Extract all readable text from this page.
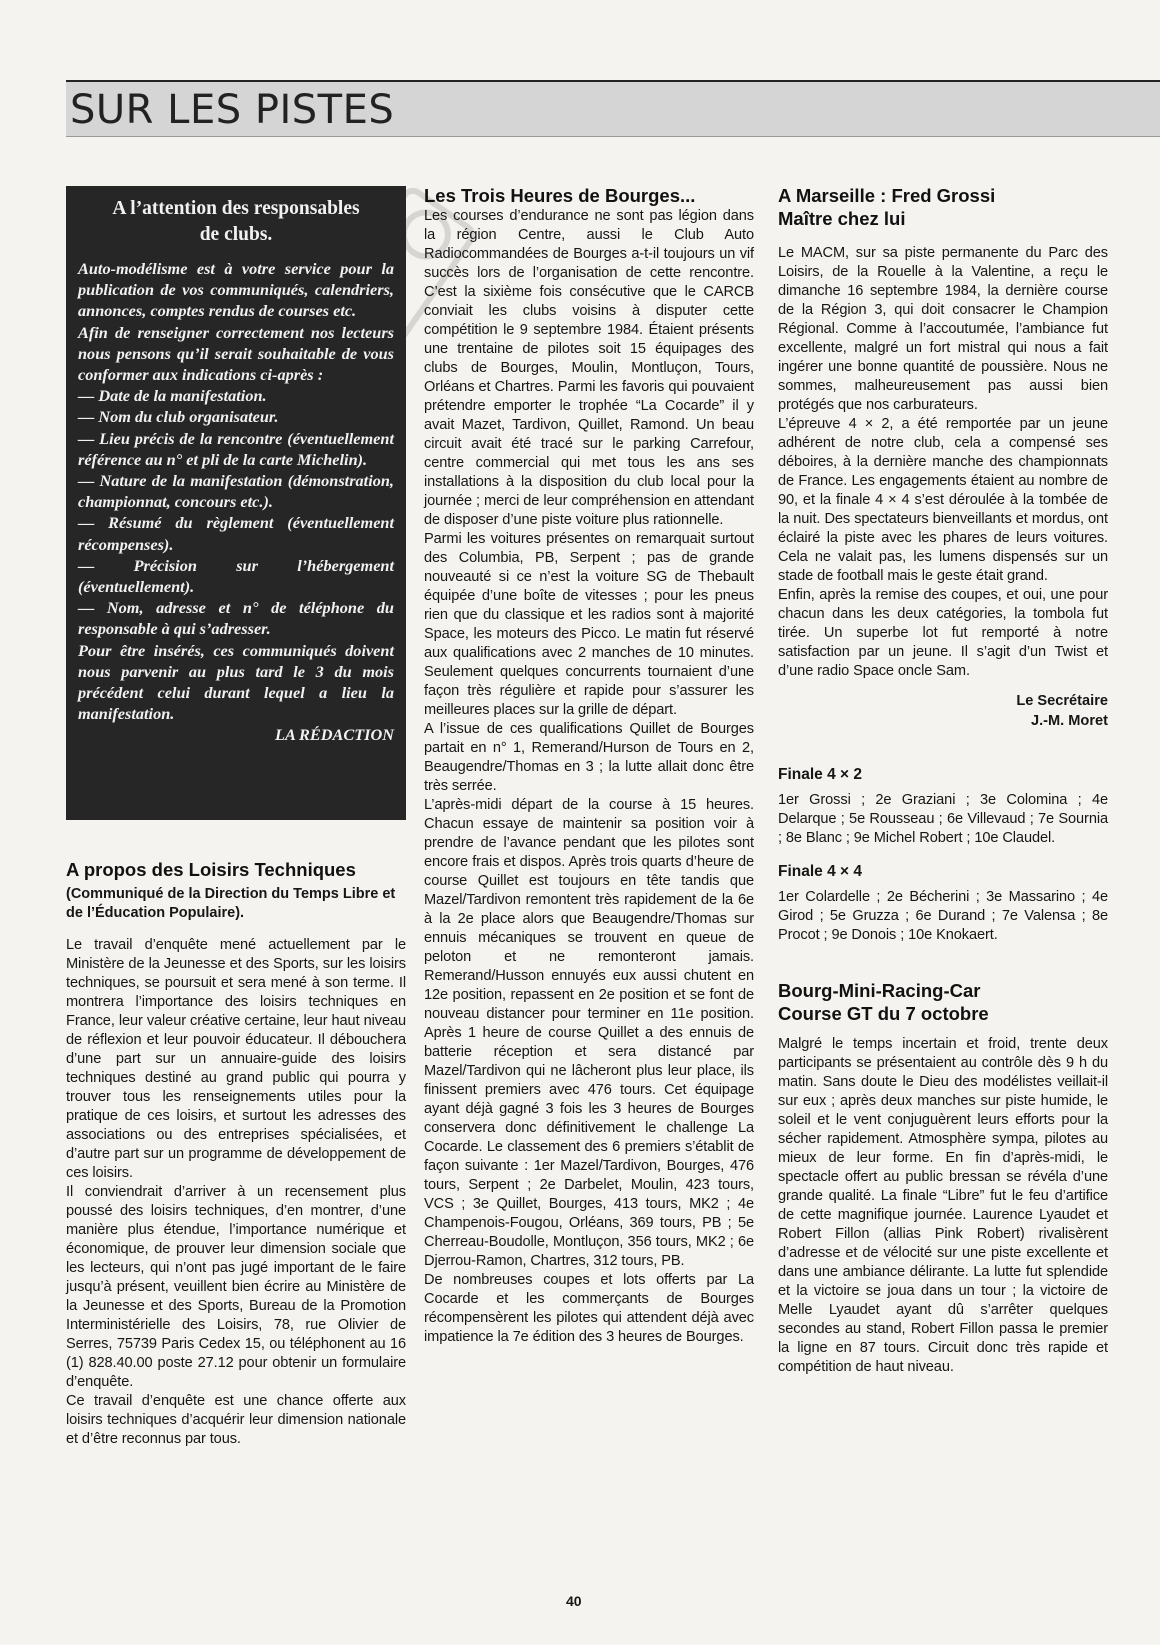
SUR LES PISTES
A l’attention des responsables
de clubs.

Auto-modélisme est à votre service pour la publication de vos communiqués, calendriers, annonces, comptes rendus de courses etc.

Afin de renseigner correctement nos lecteurs nous pensons qu’il serait souhaitable de vous conformer aux indications ci-après :

— Date de la manifestation.

— Nom du club organisateur.

— Lieu précis de la rencontre (éventuellement référence au n° et pli de la carte Michelin).

— Nature de la manifestation (démonstration, championnat, concours etc.).

— Résumé du règlement (éventuellement récompenses).

— Précision sur l’hébergement (éventuellement).

— Nom, adresse et n° de téléphone du responsable à qui s’adresser.

Pour être insérés, ces communiqués doivent nous parvenir au plus tard le 3 du mois précédent celui durant lequel a lieu la manifestation.

LA RÉDACTION
A propos des Loisirs Techniques
(Communiqué de la Direction du Temps Libre et de l’Éducation Populaire).

Le travail d’enquête mené actuellement par le Ministère de la Jeunesse et des Sports, sur les loisirs techniques, se poursuit et sera mené à son terme. Il montrera l’importance des loisirs techniques en France, leur valeur créative certaine, leur haut niveau de réflexion et leur pouvoir éducateur. Il débouchera d’une part sur un annuaire-guide des loisirs techniques destiné au grand public qui pourra y trouver tous les renseignements utiles pour la pratique de ces loisirs, et surtout les adresses des associations ou des entreprises spécialisées, et d’autre part sur un programme de développement de ces loisirs.

Il conviendrait d’arriver à un recensement plus poussé des loisirs techniques, d’en montrer, d’une manière plus étendue, l’importance numérique et économique, de prouver leur dimension sociale que les lecteurs, qui n’ont pas jugé important de le faire jusqu’à présent, veuillent bien écrire au Ministère de la Jeunesse et des Sports, Bureau de la Promotion Interministérielle des Loisirs, 78, rue Olivier de Serres, 75739 Paris Cedex 15, ou téléphonent au 16 (1) 828.40.00 poste 27.12 pour obtenir un formulaire d’enquête.

Ce travail d’enquête est une chance offerte aux loisirs techniques d’acquérir leur dimension nationale et d’être reconnus par tous.

Les Trois Heures de Bourges...

Les courses d’endurance ne sont pas légion dans la région Centre, aussi le Club Auto Radiocommandées de Bourges a-t-il toujours un vif succès lors de l’organisation de cette rencontre. C’est la sixième fois consécutive que le CARCB conviait les clubs voisins à disputer cette compétition le 9 septembre 1984. Étaient présents une trentaine de pilotes soit 15 équipages des clubs de Bourges, Moulin, Montluçon, Tours, Orléans et Chartres. Parmi les favoris qui pouvaient prétendre emporter le trophée “La Cocarde” il y avait Mazet, Tardivon, Quillet, Ramond. Un beau circuit avait été tracé sur le parking Carrefour, centre commercial qui met tous les ans ses installations à la disposition du club local pour la journée ; merci de leur compréhension en attendant de disposer d’une piste voiture plus rationnelle.

Parmi les voitures présentes on remarquait surtout des Columbia, PB, Serpent ; pas de grande nouveauté si ce n’est la voiture SG de Thebault équipée d’une boîte de vitesses ; pour les pneus rien que du classique et les radios sont à majorité Space, les moteurs des Picco. Le matin fut réservé aux qualifications avec 2 manches de 10 minutes. Seulement quelques concurrents tournaient d’une façon très régulière et rapide pour s’assurer les meilleures places sur la grille de départ.

A l’issue de ces qualifications Quillet de Bourges partait en n° 1, Remerand/Hurson de Tours en 2, Beaugendre/Thomas en 3 ; la lutte allait donc être très serrée.

L’après-midi départ de la course à 15 heures. Chacun essaye de maintenir sa position voir à prendre de l’avance pendant que les pilotes sont encore frais et dispos. Après trois quarts d’heure de course Quillet est toujours en tête tandis que Mazel/Tardivon remontent très rapidement de la 6e à la 2e place alors que Beaugendre/Thomas sur ennuis mécaniques se trouvent en queue de peloton et ne remonteront jamais. Remerand/Husson ennuyés eux aussi chutent en 12e position, repassent en 2e position et se font de nouveau distancer pour terminer en 11e position. Après 1 heure de course Quillet a des ennuis de batterie réception et sera distancé par Mazel/Tardivon qui ne lâcheront plus leur place, ils finissent premiers avec 476 tours. Cet équipage ayant déjà gagné 3 fois les 3 heures de Bourges conservera donc définitivement le challenge La Cocarde. Le classement des 6 premiers s’établit de façon suivante : 1er Mazel/Tardivon, Bourges, 476 tours, Serpent ; 2e Darbelet, Moulin, 423 tours, VCS ; 3e Quillet, Bourges, 413 tours, MK2 ; 4e Champenois-Fougou, Orléans, 369 tours, PB ; 5e Cherreau-Boudolle, Montluçon, 356 tours, MK2 ; 6e Djerrou-Ramon, Chartres, 312 tours, PB.

De nombreuses coupes et lots offerts par La Cocarde et les commerçants de Bourges récompensèrent les pilotes qui attendent déjà avec impatience la 7e édition des 3 heures de Bourges.

A Marseille : Fred Grossi
Maître chez lui

Le MACM, sur sa piste permanente du Parc des Loisirs, de la Rouelle à la Valentine, a reçu le dimanche 16 septembre 1984, la dernière course de la Région 3, qui doit consacrer le Champion Régional. Comme à l’accoutumée, l’ambiance fut excellente, malgré un fort mistral qui nous a fait ingérer une bonne quantité de poussière. Nous ne sommes, malheureusement pas aussi bien protégés que nos carburateurs.

L’épreuve 4 × 2, a été remportée par un jeune adhérent de notre club, cela a compensé ses déboires, à la dernière manche des championnats de France. Les engagements étaient au nombre de 90, et la finale 4 × 4 s’est déroulée à la tombée de la nuit. Des spectateurs bienveillants et mordus, ont éclairé la piste avec les phares de leurs voitures. Cela ne valait pas, les lumens dispensés sur un stade de football mais le geste était grand.

Enfin, après la remise des coupes, et oui, une pour chacun dans les deux catégories, la tombola fut tirée. Un superbe lot fut remporté à notre satisfaction par un jeune. Il s’agit d’un Twist et d’une radio Space oncle Sam.

Le Secrétaire
J.-M. Moret
Finale 4 × 2

1er Grossi ; 2e Graziani ; 3e Colomina ; 4e Delarque ; 5e Rousseau ; 6e Villevaud ; 7e Sournia ; 8e Blanc ; 9e Michel Robert ; 10e Claudel.

Finale 4 × 4

1er Colardelle ; 2e Bécherini ; 3e Massarino ; 4e Girod ; 5e Gruzza ; 6e Durand ; 7e Valensa ; 8e Procot ; 9e Donois ; 10e Knokaert.

Bourg-Mini-Racing-Car
Course GT du 7 octobre

Malgré le temps incertain et froid, trente deux participants se présentaient au contrôle dès 9 h du matin. Sans doute le Dieu des modélistes veillait-il sur eux ; après deux manches sur piste humide, le soleil et le vent conjuguèrent leurs efforts pour la sécher rapidement. Atmosphère sympa, pilotes au mieux de leur forme. En fin d’après-midi, le spectacle offert au public bressan se révéla d’une grande qualité. La finale “Libre” fut le feu d’artifice de cette magnifique journée. Laurence Lyaudet et Robert Fillon (allias Pink Robert) rivalisèrent d’adresse et de vélocité sur une piste excellente et dans une ambiance délirante. La lutte fut splendide et la victoire se joua dans un tour ; la victoire de Melle Lyaudet ayant dû s’arrêter quelques secondes au stand, Robert Fillon passa le premier la ligne en 87 tours. Circuit donc très rapide et compétition de haut niveau.

40
